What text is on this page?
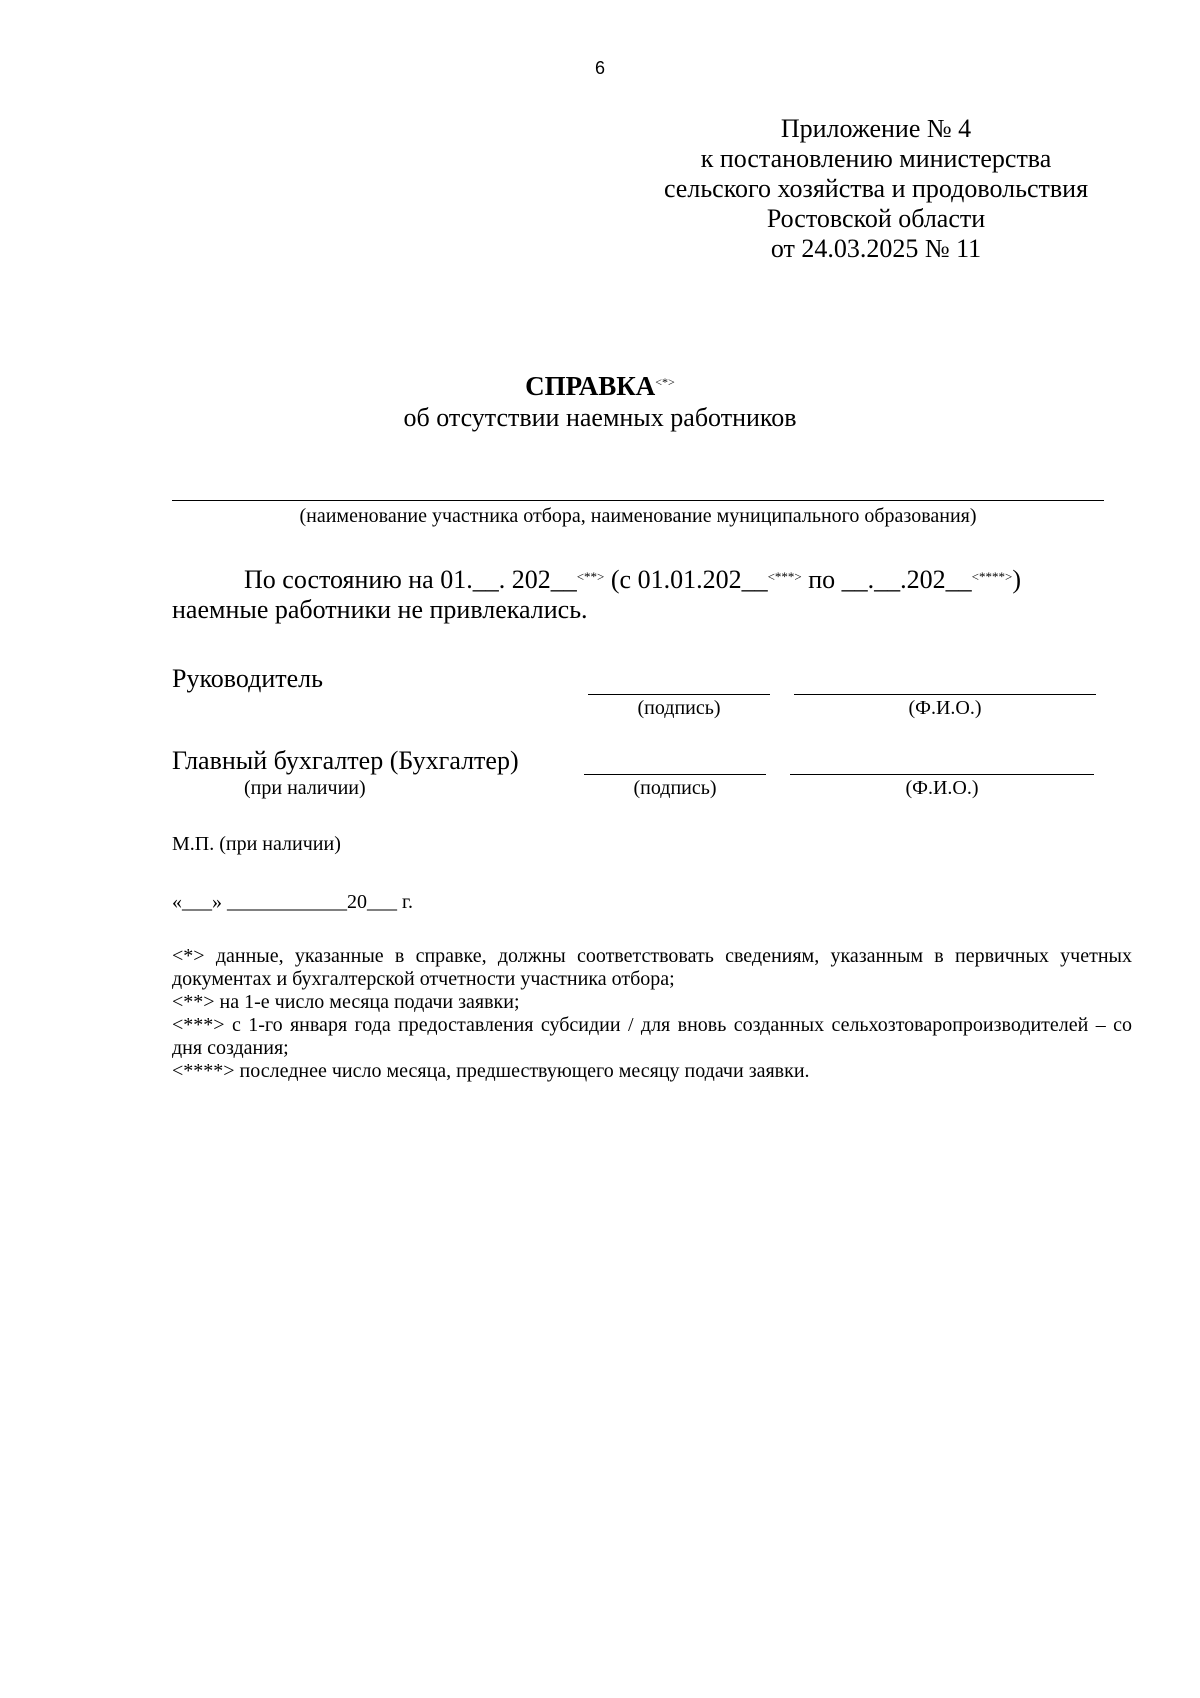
6
Приложение № 4
к постановлению министерства
сельского хозяйства и продовольствия
Ростовской области
от 24.03.2025 № 11
СПРАВКА<*>
об отсутствии наемных работников
(наименование участника отбора, наименование муниципального образования)
По состоянию на 01.__. 202__<**> (с 01.01.202__<***> по __.__.202__<****>)
наемные работники не привлекались.
Руководитель
(подпись)	(Ф.И.О.)
Главный бухгалтер (Бухгалтер)
(при наличии)	(подпись)	(Ф.И.О.)
М.П. (при наличии)
«___» ____________20___ г.

<*> данные, указанные в справке, должны соответствовать сведениям, указанным в первичных учетных документах и бухгалтерской отчетности участника отбора;

<**> на 1-е число месяца подачи заявки;

<***> с 1-го января года предоставления субсидии / для вновь созданных сельхозтоваропроизводителей – со дня создания;

<****> последнее число месяца, предшествующего месяцу подачи заявки.
